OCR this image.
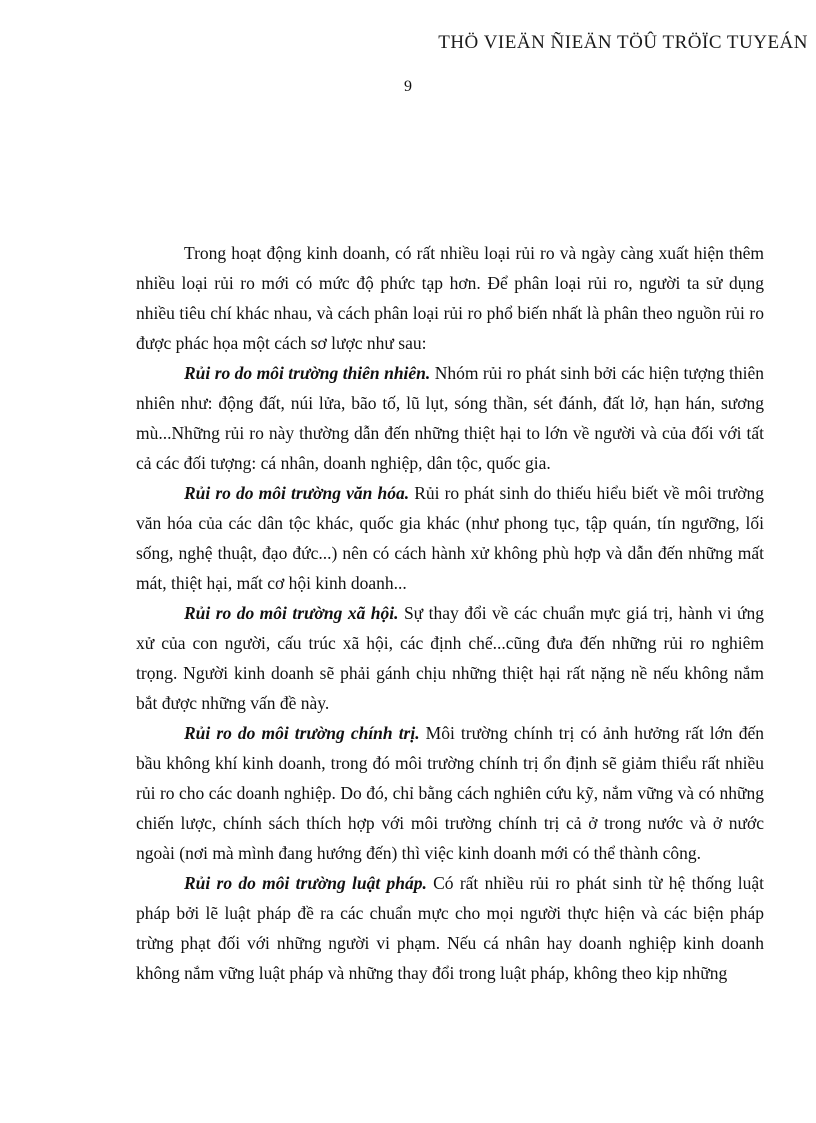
THÖ VIEÄN ÑIEÄN TÖÛ TRÖÏC TUYEÁN
9

Trong hoạt động kinh doanh, có rất nhiều loại rủi ro và ngày càng xuất hiện thêm nhiều loại rủi ro mới có mức độ phức tạp hơn. Để phân loại rủi ro, người ta sử dụng nhiều tiêu chí khác nhau, và cách phân loại rủi ro phổ biến nhất là phân theo nguồn rủi ro được phác họa một cách sơ lược như sau:

Rủi ro do môi trường thiên nhiên. Nhóm rủi ro phát sinh bởi các hiện tượng thiên nhiên như: động đất, núi lửa, bão tố, lũ lụt, sóng thần, sét đánh, đất lở, hạn hán, sương mù...Những rủi ro này thường dẫn đến những thiệt hại to lớn về người và của đối với tất cả các đối tượng: cá nhân, doanh nghiệp, dân tộc, quốc gia.

Rủi ro do môi trường văn hóa. Rủi ro phát sinh do thiếu hiểu biết về môi trường văn hóa của các dân tộc khác, quốc gia khác (như phong tục, tập quán, tín ngưỡng, lối sống, nghệ thuật, đạo đức...) nên có cách hành xử không phù hợp và dẫn đến những mất mát, thiệt hại, mất cơ hội kinh doanh...

Rủi ro do môi trường xã hội. Sự thay đổi về các chuẩn mực giá trị, hành vi ứng xử của con người, cấu trúc xã hội, các định chế...cũng đưa đến những rủi ro nghiêm trọng. Người kinh doanh sẽ phải gánh chịu những thiệt hại rất nặng nề nếu không nắm bắt được những vấn đề này.

Rủi ro do môi trường chính trị. Môi trường chính trị có ảnh hưởng rất lớn đến bầu không khí kinh doanh, trong đó môi trường chính trị ổn định sẽ giảm thiểu rất nhiều rủi ro cho các doanh nghiệp. Do đó, chỉ bằng cách nghiên cứu kỹ, nắm vững và có những chiến lược, chính sách thích hợp với môi trường chính trị cả ở trong nước và ở nước ngoài (nơi mà mình đang hướng đến) thì việc kinh doanh mới có thể thành công.

Rủi ro do môi trường luật pháp. Có rất nhiều rủi ro phát sinh từ hệ thống luật pháp bởi lẽ luật pháp đề ra các chuẩn mực cho mọi người thực hiện và các biện pháp trừng phạt đối với những người vi phạm. Nếu cá nhân hay doanh nghiệp kinh doanh không nắm vững luật pháp và những thay đổi trong luật pháp, không theo kịp những
